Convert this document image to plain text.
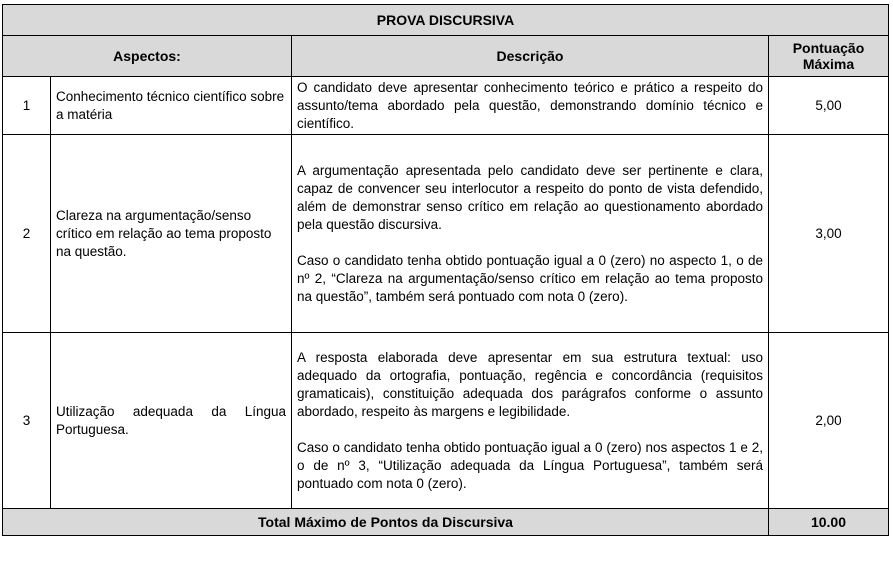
PROVA DISCURSIVA			
Aspectos:		Descrição	Pontuação
Máxima

1	Conhecimento técnico científico sobre a matéria	O candidato deve apresentar conhecimento teórico e prático a respeito do assunto/tema abordado pela questão, demonstrando domínio técnico e científico.	5,00
2	Clareza na argumentação/senso crítico em relação ao tema proposto na questão.	A argumentação apresentada pelo candidato deve ser pertinente e clara, capaz de convencer seu interlocutor a respeito do ponto de vista defendido, além de demonstrar senso crítico em relação ao questionamento abordado pela questão discursiva.

Caso o candidato tenha obtido pontuação igual a 0 (zero) no aspecto 1, o de nº 2, “Clareza na argumentação/senso crítico em relação ao tema proposto na questão”, também será pontuado com nota 0 (zero).	3,00
3	Utilização adequada da Língua Portuguesa.	A resposta elaborada deve apresentar em sua estrutura textual: uso adequado da ortografia, pontuação, regência e concordância (requisitos gramaticais), constituição adequada dos parágrafos conforme o assunto abordado, respeito às margens e legibilidade.

Caso o candidato tenha obtido pontuação igual a 0 (zero) nos aspectos 1 e 2, o de nº 3, “Utilização adequada da Língua Portuguesa”, também será pontuado com nota 0 (zero).	2,00
Total Máximo de Pontos da Discursiva			10.00
